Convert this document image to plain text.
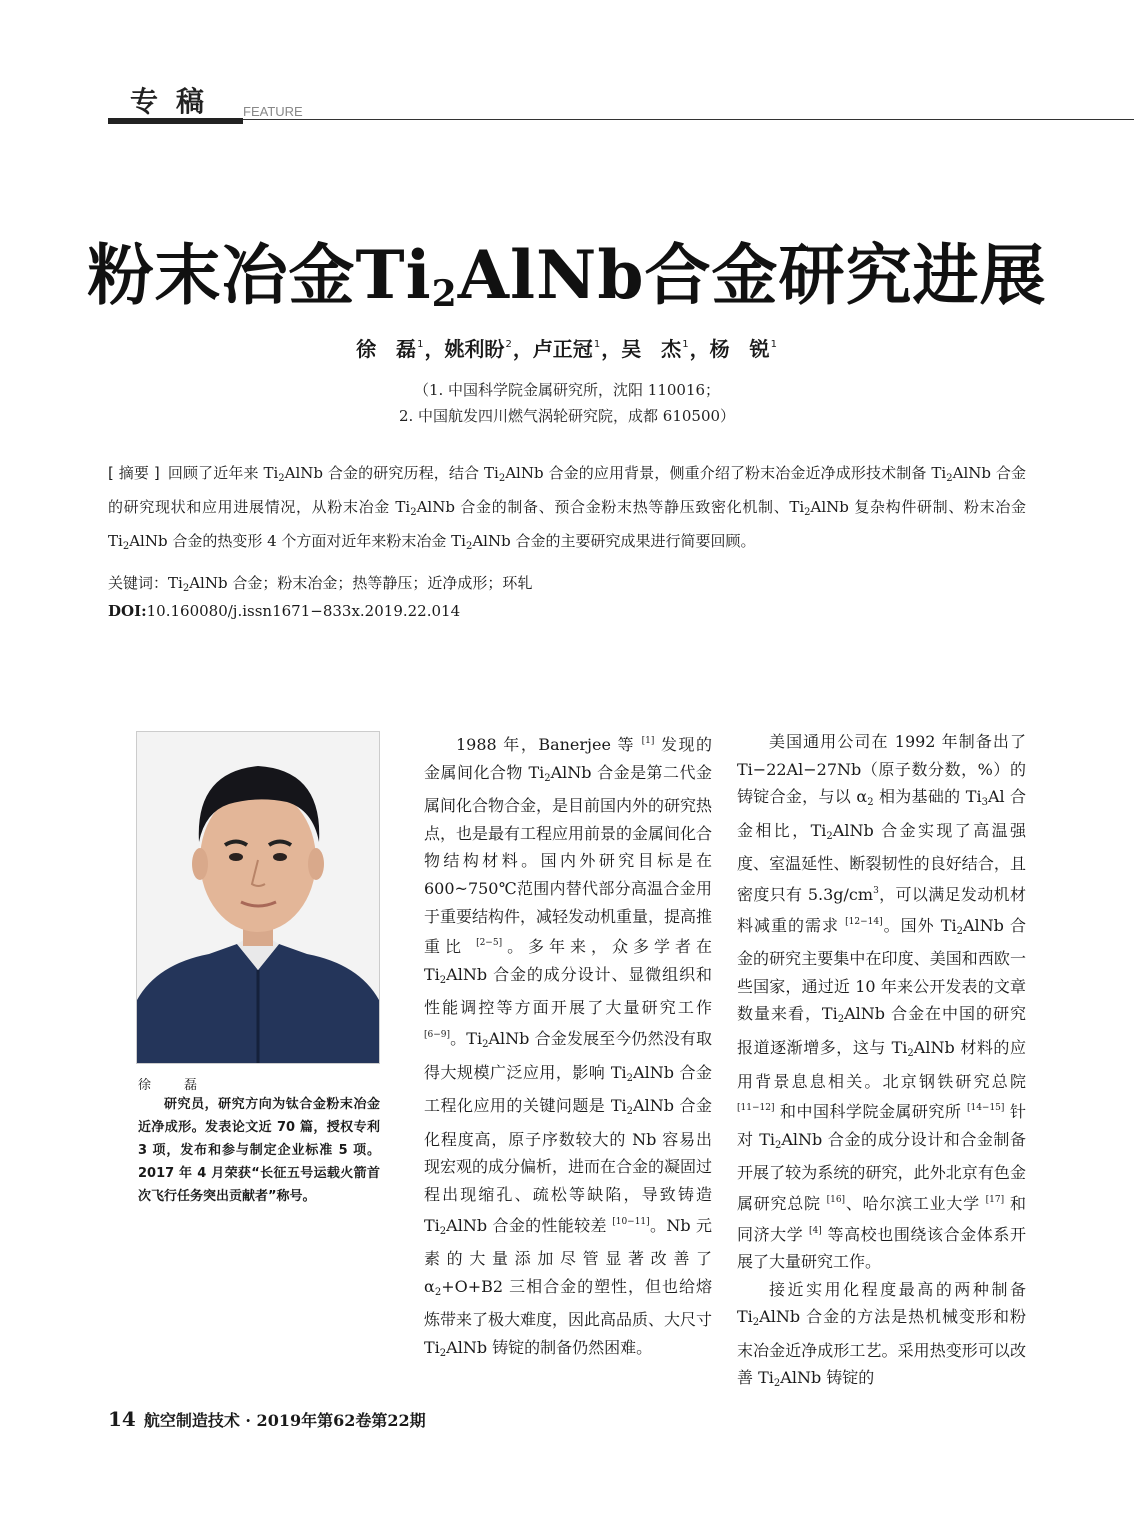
专稿 FEATURE
粉末冶金$Ti_2AlNb$合金研究进展
徐　磊$^1$，姚利盼$^2$，卢正冠$^1$，吴　杰$^1$，杨　锐$^1$
（1. 中国科学院金属研究所，沈阳 110016；
2. 中国航发四川燃气涡轮研究院，成都 610500）
[ 摘要 ] 回顾了近年来 $Ti_2AlNb$ 合金的研究历程，结合 $Ti_2AlNb$ 合金的应用背景，侧重介绍了粉末冶金近净成形技术制备 $Ti_2AlNb$ 合金的研究现状和应用进展情况，从粉末冶金 $Ti_2AlNb$ 合金的制备、预合金粉末热等静压致密化机制、$Ti_2AlNb$ 复杂构件研制、粉末冶金 $Ti_2AlNb$ 合金的热变形 4 个方面对近年来粉末冶金 $Ti_2AlNb$ 合金的主要研究成果进行简要回顾。
关键词：$Ti_2AlNb$ 合金；粉末冶金；热等静压；近净成形；环轧
DOI:10.160080/j.issn1671−833x.2019.22.014
徐　磊
研究员，研究方向为钛合金粉末冶金近净成形。发表论文近 70 篇，授权专利 3 项，发布和参与制定企业标准 5 项。2017 年 4 月荣获“长征五号运载火箭首次飞行任务突出贡献者”称号。

1988 年，Banerjee 等 [1] 发现的金属间化合物 $Ti_2AlNb$ 合金是第二代金属间化合物合金，是目前国内外的研究热点，也是最有工程应用前景的金属间化合物结构材料。国内外研究目标是在 600~750℃范围内替代部分高温合金用于重要结构件，减轻发动机重量，提高推重比 [2−5]。多年来，众多学者在 $Ti_2AlNb$ 合金的成分设计、显微组织和性能调控等方面开展了大量研究工作 [6−9]。$Ti_2AlNb$ 合金发展至今仍然没有取得大规模广泛应用，影响 $Ti_2AlNb$ 合金工程化应用的关键问题是 $Ti_2AlNb$ 合金化程度高，原子序数较大的 Nb 容易出现宏观的成分偏析，进而在合金的凝固过程出现缩孔、疏松等缺陷，导致铸造 $Ti_2AlNb$ 合金的性能较差 [10−11]。Nb 元素的大量添加尽管显著改善了 $\alpha_2+O+B2$ 三相合金的塑性，但也给熔炼带来了极大难度，因此高品质、大尺寸 $Ti_2AlNb$ 铸锭的制备仍然困难。

美国通用公司在 1992 年制备出了 Ti−22Al−27Nb（原子数分数，%）的铸锭合金，与以 $\alpha_2$ 相为基础的 $Ti_3Al$ 合金相比，$Ti_2AlNb$ 合金实现了高温强度、室温延性、断裂韧性的良好结合，且密度只有 $5.3g/cm^3$，可以满足发动机材料减重的需求 [12−14]。国外 $Ti_2AlNb$ 合金的研究主要集中在印度、美国和西欧一些国家，通过近 10 年来公开发表的文章数量来看，$Ti_2AlNb$ 合金在中国的研究报道逐渐增多，这与 $Ti_2AlNb$ 材料的应用背景息息相关。北京钢铁研究总院 [11−12] 和中国科学院金属研究所 [14−15] 针对 $Ti_2AlNb$ 合金的成分设计和合金制备开展了较为系统的研究，此外北京有色金属研究总院 [16]、哈尔滨工业大学 [17] 和同济大学 [4] 等高校也围绕该合金体系开展了大量研究工作。

接近实用化程度最高的两种制备 $Ti_2AlNb$ 合金的方法是热机械变形和粉末冶金近净成形工艺。采用热变形可以改善 $Ti_2AlNb$ 铸锭的

14 航空制造技术 · 2019年第62卷第22期
